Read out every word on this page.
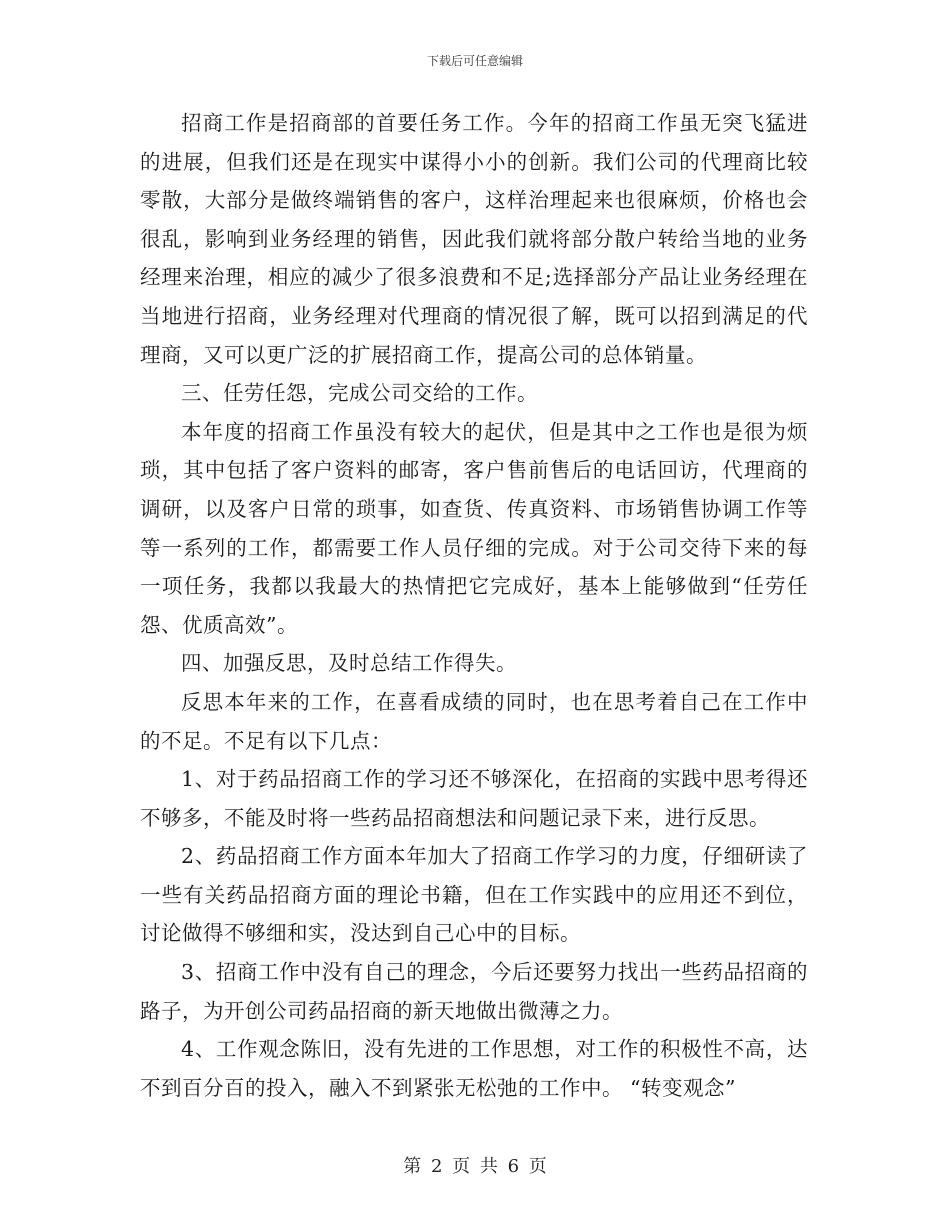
下载后可任意编辑

招商工作是招商部的首要任务工作。今年的招商工作虽无突飞猛进的进展，但我们还是在现实中谋得小小的创新。我们公司的代理商比较零散，大部分是做终端销售的客户，这样治理起来也很麻烦，价格也会很乱，影响到业务经理的销售，因此我们就将部分散户转给当地的业务经理来治理，相应的减少了很多浪费和不足;选择部分产品让业务经理在当地进行招商，业务经理对代理商的情况很了解，既可以招到满足的代理商，又可以更广泛的扩展招商工作，提高公司的总体销量。

三、任劳任怨，完成公司交给的工作。

本年度的招商工作虽没有较大的起伏，但是其中之工作也是很为烦琐，其中包括了客户资料的邮寄，客户售前售后的电话回访，代理商的调研，以及客户日常的琐事，如查货、传真资料、市场销售协调工作等等一系列的工作，都需要工作人员仔细的完成。对于公司交待下来的每一项任务，我都以我最大的热情把它完成好，基本上能够做到“任劳任怨、优质高效”。

四、加强反思，及时总结工作得失。

反思本年来的工作，在喜看成绩的同时，也在思考着自己在工作中的不足。不足有以下几点：

1、对于药品招商工作的学习还不够深化，在招商的实践中思考得还不够多，不能及时将一些药品招商想法和问题记录下来，进行反思。

2、药品招商工作方面本年加大了招商工作学习的力度，仔细研读了一些有关药品招商方面的理论书籍，但在工作实践中的应用还不到位，讨论做得不够细和实，没达到自己心中的目标。

3、招商工作中没有自己的理念，今后还要努力找出一些药品招商的路子，为开创公司药品招商的新天地做出微薄之力。

4、工作观念陈旧，没有先进的工作思想，对工作的积极性不高，达不到百分百的投入，融入不到紧张无松弛的工作中。 “转变观念”

第 2 页 共 6 页
